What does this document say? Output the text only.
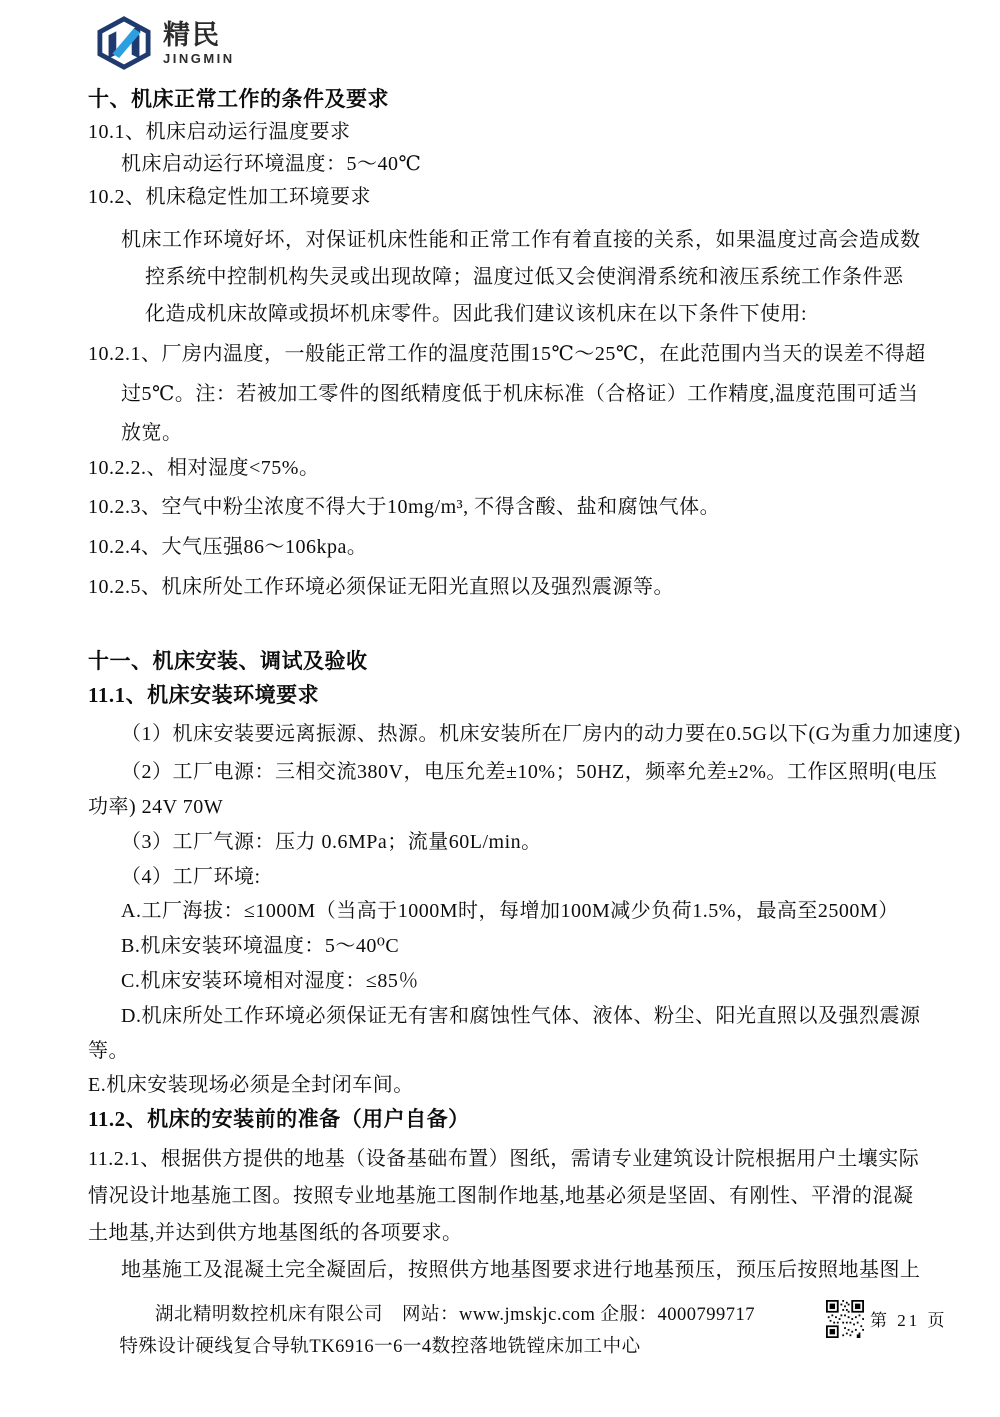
精民
JINGMIN

十、机床正常工作的条件及要求

10.1、机床启动运行温度要求

机床启动运行环境温度：5～40℃

10.2、机床稳定性加工环境要求

机床工作环境好坏，对保证机床性能和正常工作有着直接的关系，如果温度过高会造成数

控系统中控制机构失灵或出现故障；温度过低又会使润滑系统和液压系统工作条件恶

化造成机床故障或损坏机床零件。因此我们建议该机床在以下条件下使用:

10.2.1、厂房内温度，一般能正常工作的温度范围15℃～25℃，在此范围内当天的误差不得超

过5℃。注：若被加工零件的图纸精度低于机床标准（合格证）工作精度,温度范围可适当

放宽。

10.2.2.、相对湿度<75%。

10.2.3、空气中粉尘浓度不得大于10mg/m³, 不得含酸、盐和腐蚀气体。

10.2.4、大气压强86～106kpa。

10.2.5、机床所处工作环境必须保证无阳光直照以及强烈震源等。

十一、机床安装、调试及验收

11.1、机床安装环境要求

（1）机床安装要远离振源、热源。机床安装所在厂房内的动力要在0.5G以下(G为重力加速度)

（2）工厂电源：三相交流380V，电压允差±10%；50HZ，频率允差±2%。工作区照明(电压

功率) 24V 70W

（3）工厂气源：压力 0.6MPa；流量60L/min。

（4）工厂环境:

A.工厂海拔：≤1000M（当高于1000M时，每增加100M减少负荷1.5%，最高至2500M）

B.机床安装环境温度：5～40⁰C

C.机床安装环境相对湿度：≤85％

D.机床所处工作环境必须保证无有害和腐蚀性气体、液体、粉尘、阳光直照以及强烈震源

等。

E.机床安装现场必须是全封闭车间。

11.2、机床的安装前的准备（用户自备）

11.2.1、根据供方提供的地基（设备基础布置）图纸，需请专业建筑设计院根据用户土壤实际

情况设计地基施工图。按照专业地基施工图制作地基,地基必须是坚固、有刚性、平滑的混凝

土地基,并达到供方地基图纸的各项要求。

地基施工及混凝土完全凝固后，按照供方地基图要求进行地基预压，预压后按照地基图上

湖北精明数控机床有限公司　网站：www.jmskjc.com 企服：4000799717

特殊设计硬线复合导轨TK6916一6一4数控落地铣镗床加工中心

第 21 页
